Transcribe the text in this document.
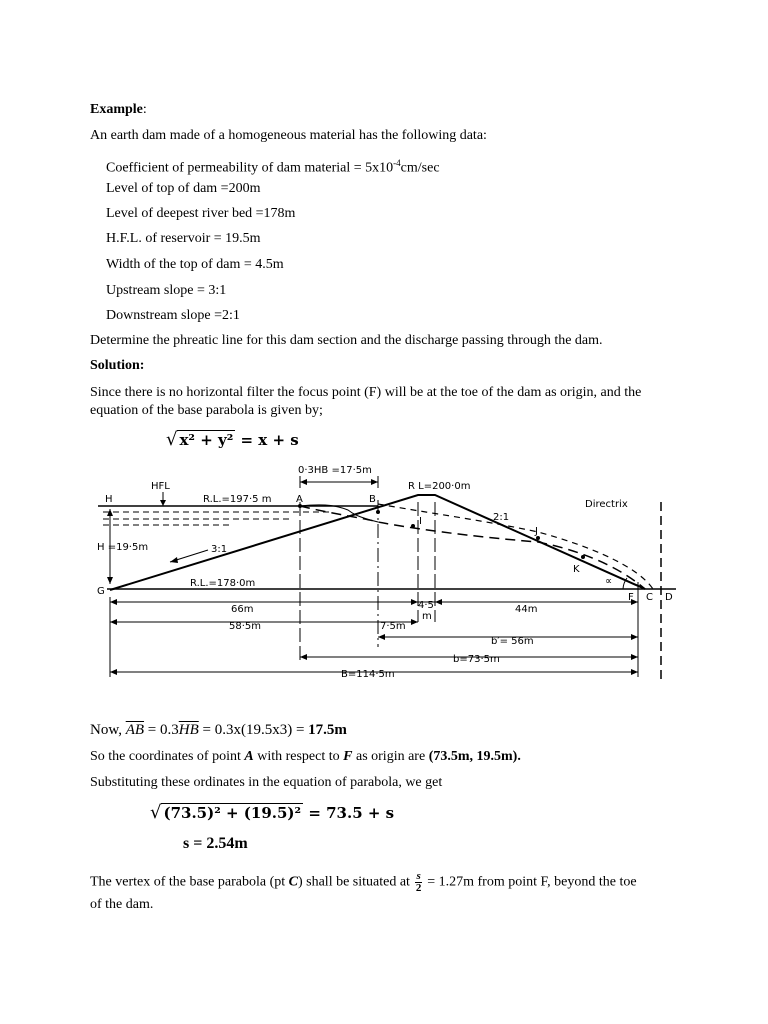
Example:
An earth dam made of a homogeneous material has the following data:
Coefficient of permeability of dam material = $5x10^{-4}cm/\sec$
Level of top of dam =200m
Level of deepest river bed =178m
H.F.L. of reservoir = 19.5m
Width of the top of dam = 4.5m
Upstream slope = 3:1
Downstream slope =2:1
Determine the phreatic line for this dam section and the discharge passing through the dam.
Solution:
Since there is no horizontal filter the focus point (F) will be at the toe of the dam as origin, and the equation of the base parabola is given by;
√ x² + y² = x + s
0·3HB =17·5m
R L=200·0m
HFL
R.L.=197·5 m
H	A	B
I
J
K
∝
2:1
Directrix
H =19·5m	3:1
R.L.=178·0m
G
F C D
66m	4·5
m
44m
58·5m	7·5m
b′= 56m
b=73·5m
B=114·5m
Now, $\overline{AB} = 0.3\overline{HB} = 0.3x(19.5x3) = 17.5m$
So the coordinates of point A with respect to F as origin are (73.5m, 19.5m).
Substituting these ordinates in the equation of parabola, we get
√ (73.5)² + (19.5)² = 73.5 + s
s = 2.54m
The vertex of the base parabola (pt C) shall be situated at $\frac{s}{2} = 1.27m$ from point F, beyond the toe
of the dam.
